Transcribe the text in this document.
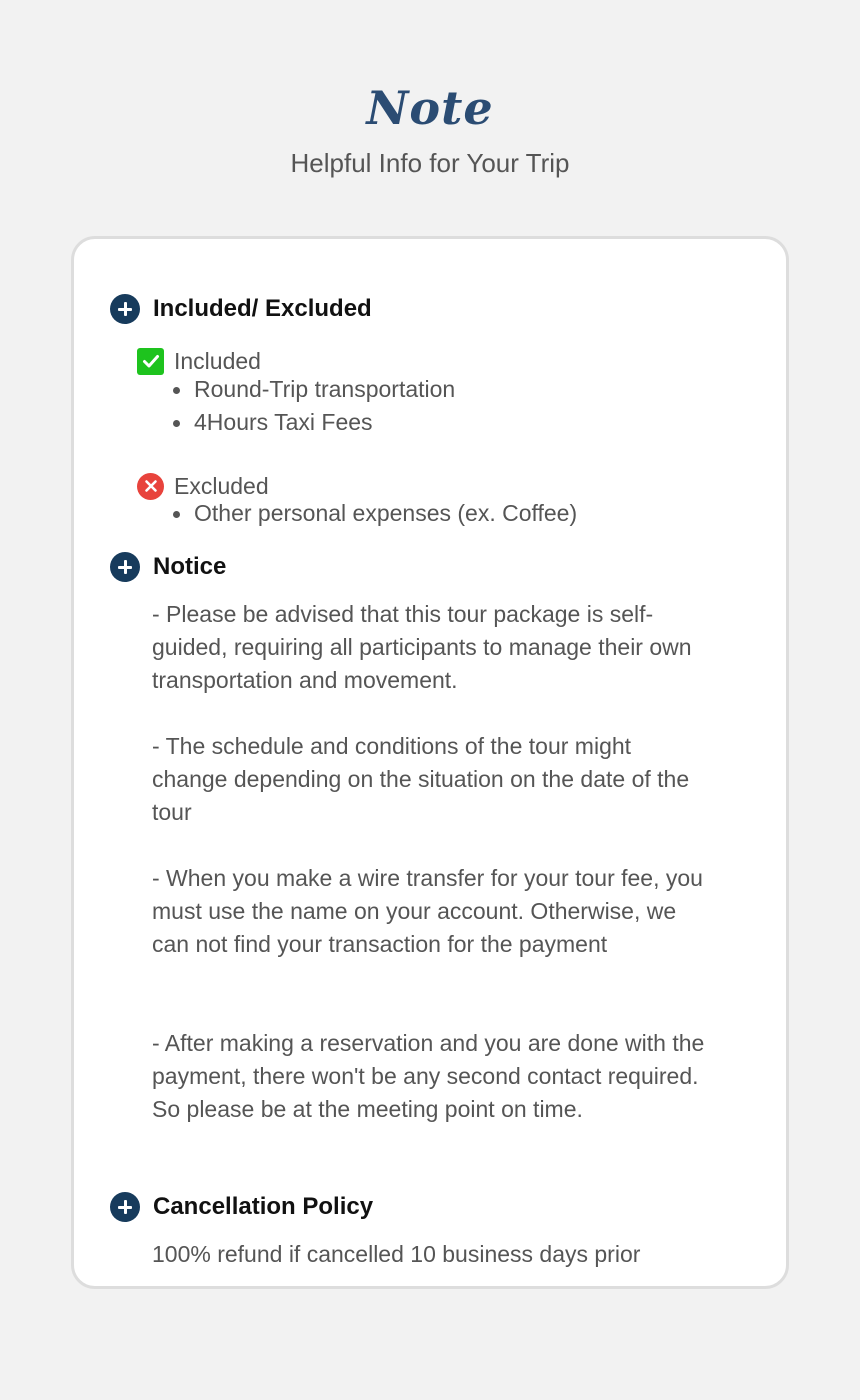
Note
Helpful Info for Your Trip
Included/ Excluded
Included
Round-Trip transportation
4Hours Taxi Fees
Excluded
Other personal expenses (ex. Coffee)
Notice

- Please be advised that this tour package is self-guided, requiring all participants to manage their own transportation and movement.

- The schedule and conditions of the tour might change depending on the situation on the date of the tour

- When you make a wire transfer for your tour fee, you must use the name on your account. Otherwise, we can not find your transaction for the payment

- After making a reservation and you are done with the payment, there won't be any second contact required. So please be at the meeting point on time.

Cancellation Policy

100% refund if cancelled 10 business days prior
